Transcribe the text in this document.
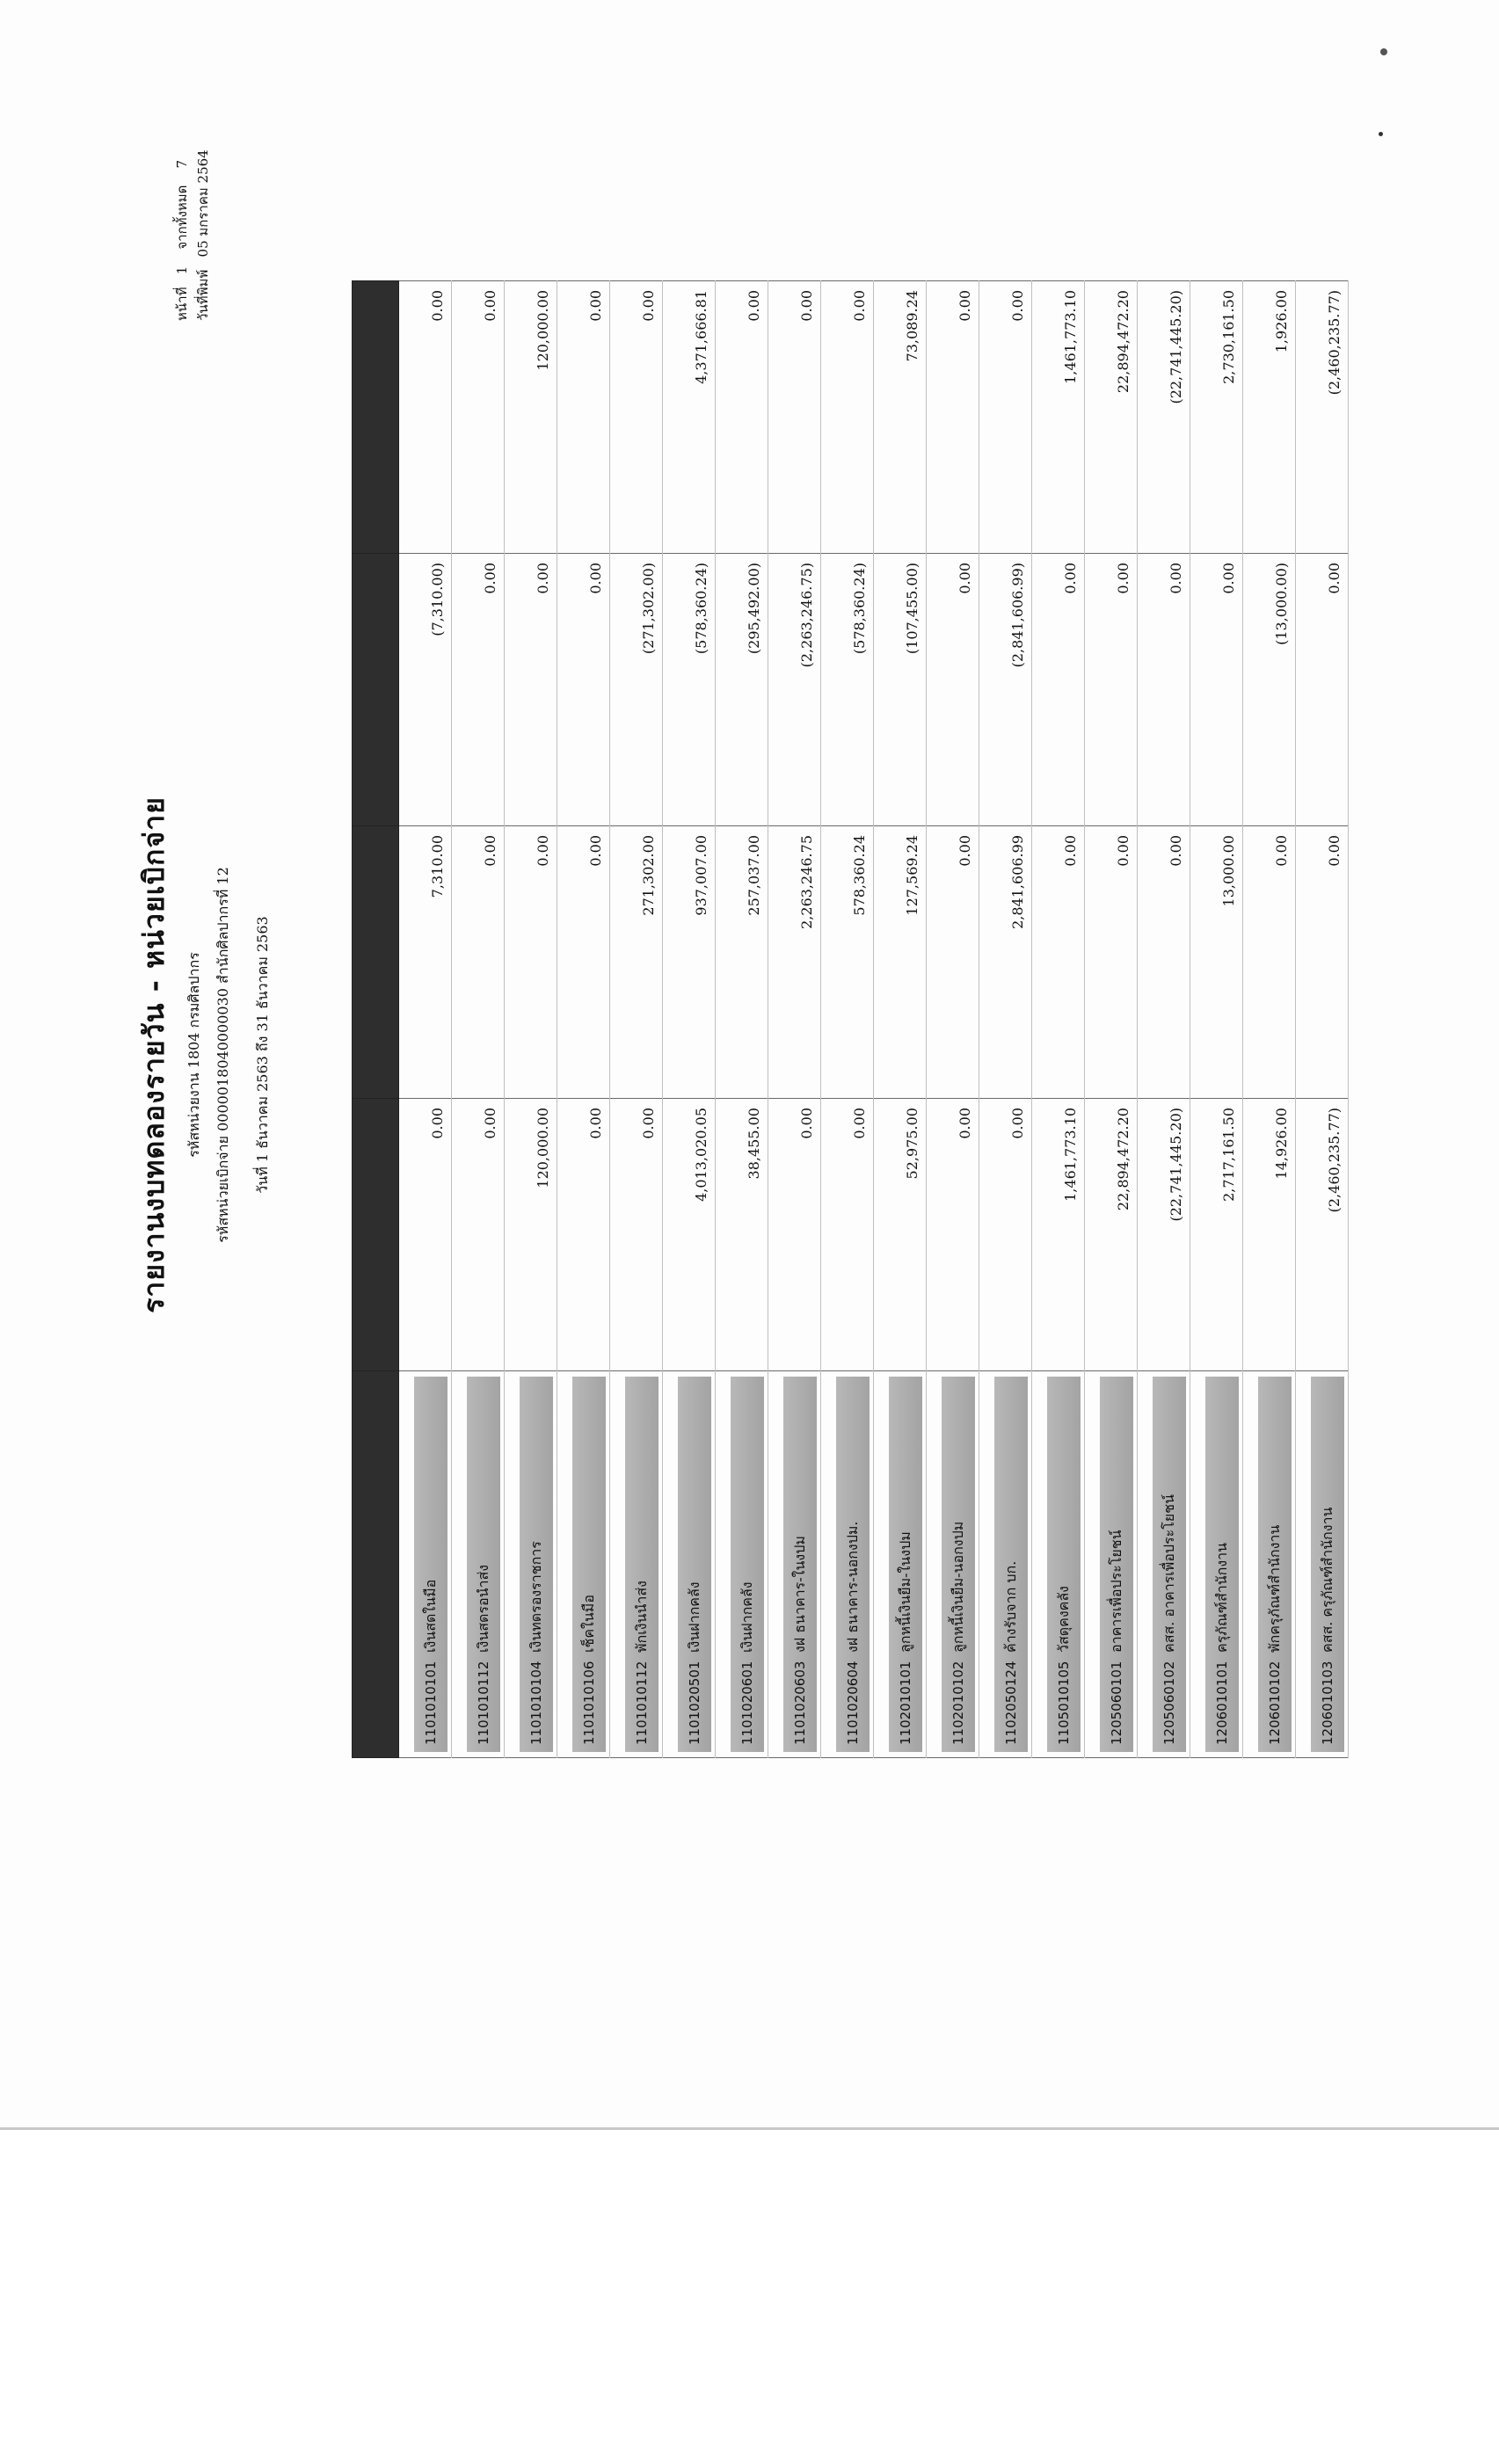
รายงานงบทดลองรายวัน - หน่วยเบิกจ่าย	รหัสหน่วยงาน 1804 กรมศิลปากร รหัสหน่วยเบิกจ่าย 0000018040000030 สำนักศิลปากรที่ 12 วันที่ 1 ธันวาคม 2563 ถึง 31 ธันวาคม 2563
หน้าที่   1    จากทั้งหมด    7
วันที่พิมพ์   05 มกราคม 2564

1101010101เงินสดในมือ	0.00	7,310.00	(7,310.00)	0.00

1101010112เงินสดรอนำส่ง	0.00	0.00	0.00	0.00

1101010104เงินทดรองราชการ	120,000.00	0.00	0.00	120,000.00

1101010106เช็คในมือ	0.00	0.00	0.00	0.00

1101010112พักเงินนำส่ง	0.00	271,302.00	(271,302.00)	0.00

1101020501เงินฝากคลัง	4,013,020.05	937,007.00	(578,360.24)	4,371,666.81

1101020601เงินฝากคลัง	38,455.00	257,037.00	(295,492.00)	0.00

1101020603งฝ ธนาคาร-ในงปม	0.00	2,263,246.75	(2,263,246.75)	0.00

1101020604งฝ ธนาคาร-นอกงปม.	0.00	578,360.24	(578,360.24)	0.00

1102010101ลูกหนี้เงินยืม-ในงปม	52,975.00	127,569.24	(107,455.00)	73,089.24

1102010102ลูกหนี้เงินยืม-นอกงปม	0.00	0.00	0.00	0.00

1102050124ค้างรับจาก บก.	0.00	2,841,606.99	(2,841,606.99)	0.00

1105010105วัสดุคงคลัง	1,461,773.10	0.00	0.00	1,461,773.10

1205060101อาคารเพื่อประโยชน์	22,894,472.20	0.00	0.00	22,894,472.20

1205060102คสส. อาคารเพื่อประโยชน์	(22,741,445.20)	0.00	0.00	(22,741,445.20)

1206010101ครุภัณฑ์สำนักงาน	2,717,161.50	13,000.00	0.00	2,730,161.50

1206010102พักครุภัณฑ์สำนักงาน	14,926.00	0.00	(13,000.00)	1,926.00

1206010103คสส. ครุภัณฑ์สำนักงาน	(2,460,235.77)	0.00	0.00	(2,460,235.77)
